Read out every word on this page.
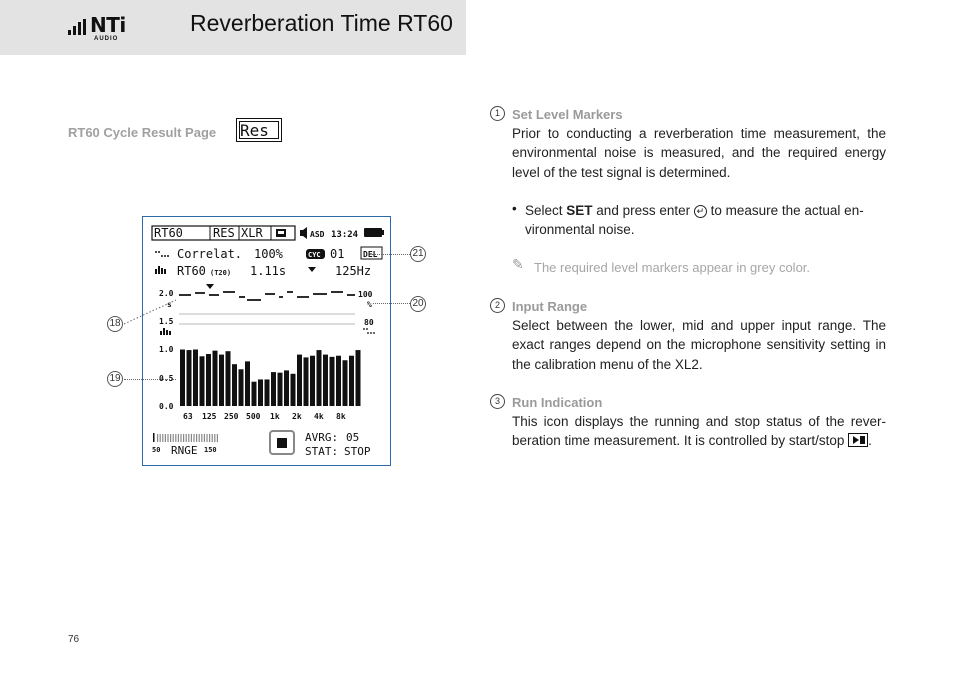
NTi
AUDIO
Reverberation Time RT60
RT60 Cycle Result Page Res
RT60	RES XLR	ASD 13:24
Correlat. 100%	CYC 01 DEL
RT60 (T20) 1.11s	125Hz
2.0
s
1.5
1.0
0.5
0.0
100
%
80
63 125 250 500 1k 2k 4k 8k
50 RNGE 150
AVRG: 05
STAT: STOP
21
20
18
19
1 Set Level Markers
Prior to conducting a reverberation time measurement, the environmental noise is measured, and the required energy level of the test signal is determined.
• Select SET and press enter ↵ to measure the actual en-vironmental noise.
✎ The required level markers appear in grey color.
2 Input Range
Select between the lower, mid and upper input range. The exact ranges depend on the microphone sensitivity setting in the calibration menu of the XL2.
3 Run Indication
This icon displays the running and stop status of the rever-beration time measurement. It is controlled by start/stop .
76
